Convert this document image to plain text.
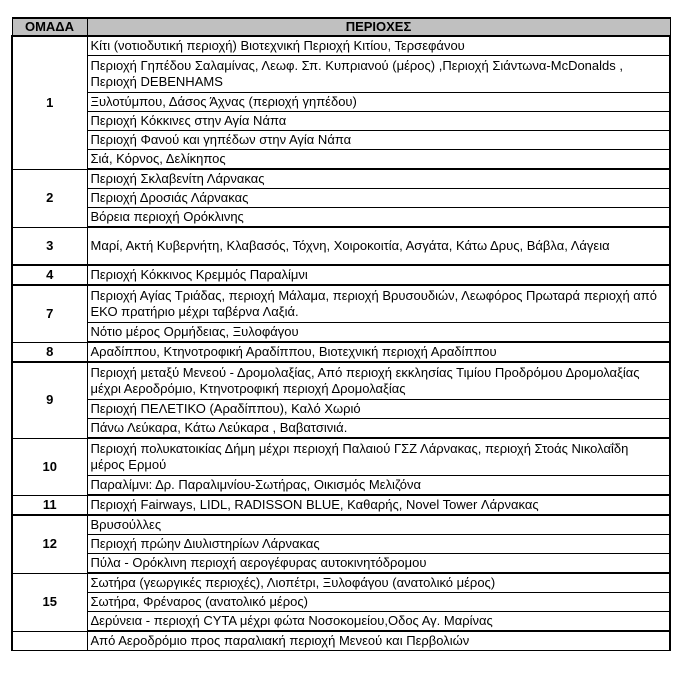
ΟΜΑΔΑ	ΠΕΡΙΟΧΕΣ
1	Κίτι (νοτιοδυτική περιοχή) Βιοτεχνική Περιοχή Κιτίου, Τερσεφάνου
	Περιοχή Γηπέδου Σαλαμίνας, Λεωφ. Σπ. Κυπριανού (μέρος) ,Περιοχή Σιάντωνα-McDonalds , Περιοχή DEBENHAMS
	Ξυλοτύμπου, Δάσος Άχνας (περιοχή γηπέδου)
	Περιοχή Κόκκινες στην Αγία Νάπα
	Περιοχή Φανού και γηπέδων στην Αγία Νάπα
	Σιά, Κόρνος, Δελίκηπος
2	Περιοχή Σκλαβενίτη Λάρνακας
	Περιοχή Δροσιάς Λάρνακας
	Βόρεια περιοχή Ορόκλινης
3	Μαρί, Ακτή Κυβερνήτη, Κλαβασός, Τόχνη, Χοιροκοιτία, Ασγάτα, Κάτω Δρυς, Βάβλα, Λάγεια
4	Περιοχή Κόκκινος Κρεμμός Παραλίμνι
7	Περιοχή Αγίας Τριάδας, περιοχή Μάλαμα, περιοχή Βρυσουδιών, Λεωφόρος Πρωταρά περιοχή από ΕΚΟ πρατήριο μέχρι ταβέρνα Λαξιά.
	Νότιο μέρος Ορμήδειας, Ξυλοφάγου
8	Αραδίππου, Κτηνοτροφική Αραδίππου, Βιοτεχνική περιοχή Αραδίππου
9	Περιοχή μεταξύ Μενεού - Δρομολαξίας, Από περιοχή εκκλησίας Τιμίου Προδρόμου Δρομολαξίας μέχρι Αεροδρόμιο, Κτηνοτροφική περιοχή Δρομολαξίας
	Περιοχή ΠΕΛΕΤΙΚΟ (Αραδίππου), Καλό Χωριό
	Πάνω Λεύκαρα, Κάτω Λεύκαρα , Βαβατσινιά.
10	Περιοχή πολυκατοικίας Δήμη μέχρι περιοχή Παλαιού ΓΣΖ Λάρνακας, περιοχή Στοάς Νικολαΐδη μέρος Ερμού
	Παραλίμνι: Δρ. Παραλιμνίου-Σωτήρας, Οικισμός Μελιζόνα
11	Περιοχή Fairways, LIDL, RADISSON BLUE, Καθαρής, Novel Tower Λάρνακας
12	Βρυσούλλες
	Περιοχή πρώην Διυλιστηρίων Λάρνακας
	Πύλα - Ορόκλινη περιοχή αερογέφυρας αυτοκινητόδρομου
15	Σωτήρα (γεωργικές περιοχές), Λιοπέτρι, Ξυλοφάγου (ανατολικό μέρος)
	Σωτήρα, Φρέναρος (ανατολικό μέρος)
	Δερύνεια - περιοχή CYTA μέχρι φώτα Νοσοκομείου,Οδος Αγ. Μαρίνας
	Από Αεροδρόμιο προς παραλιακή περιοχή Μενεού και Περβολιών
